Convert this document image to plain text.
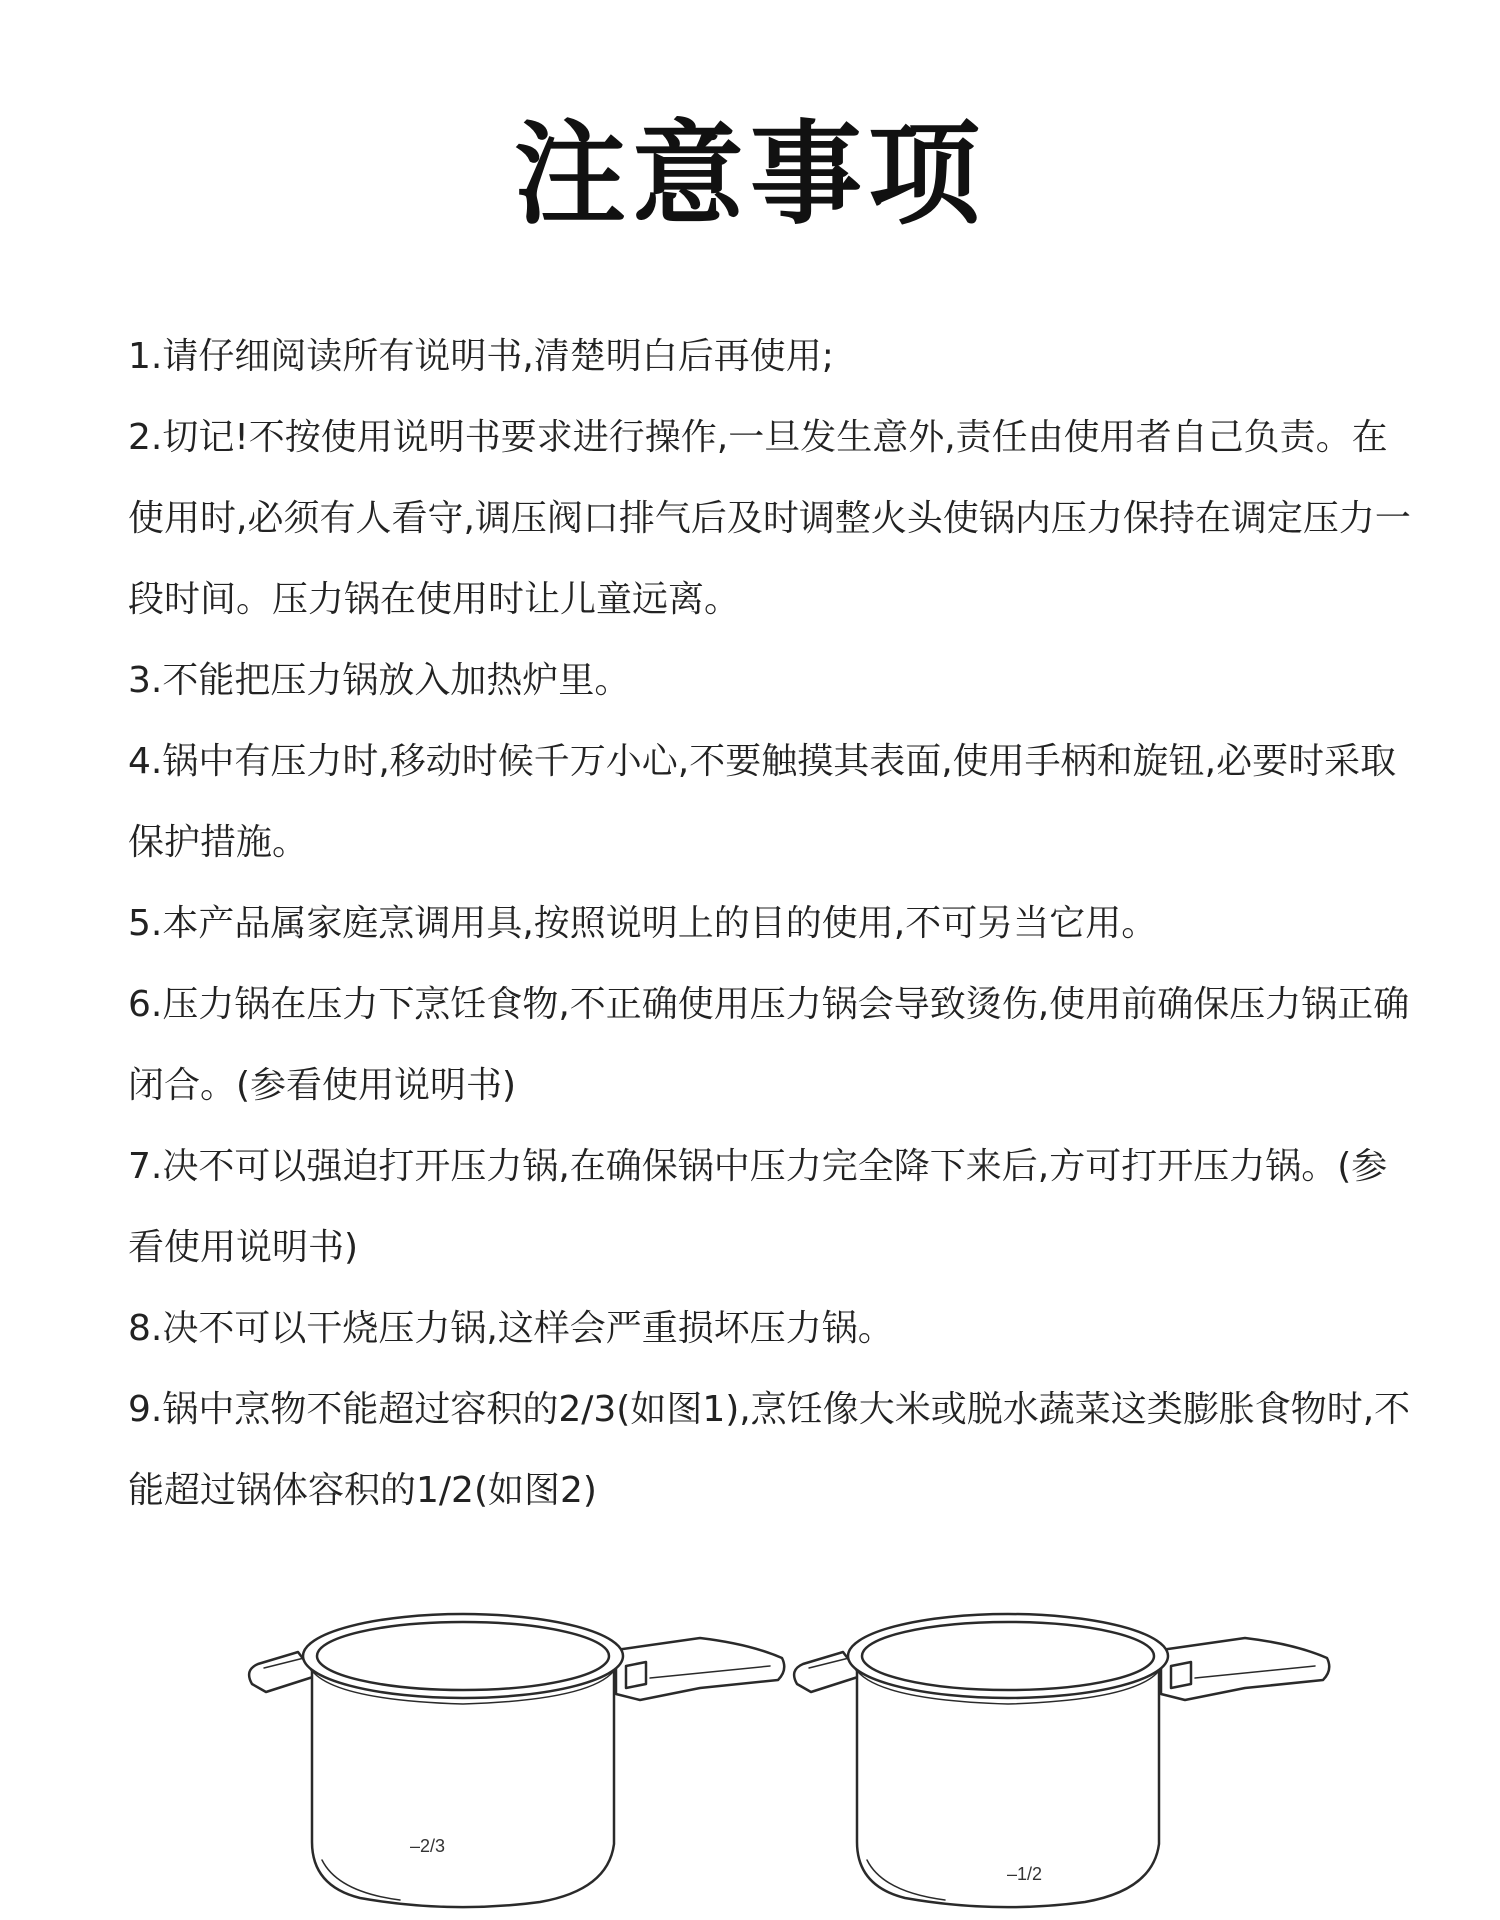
注意事项
1.请仔细阅读所有说明书,清楚明白后再使用;
2.切记!不按使用说明书要求进行操作,一旦发生意外,责任由使用者自己负责。在使用时,必须有人看守,调压阀口排气后及时调整火头使锅内压力保持在调定压力一段时间。压力锅在使用时让儿童远离。
3.不能把压力锅放入加热炉里。
4.锅中有压力时,移动时候千万小心,不要触摸其表面,使用手柄和旋钮,必要时采取保护措施。
5.本产品属家庭烹调用具,按照说明上的目的使用,不可另当它用。
6.压力锅在压力下烹饪食物,不正确使用压力锅会导致烫伤,使用前确保压力锅正确闭合。(参看使用说明书)
7.决不可以强迫打开压力锅,在确保锅中压力完全降下来后,方可打开压力锅。(参看使用说明书)
8.决不可以干烧压力锅,这样会严重损坏压力锅。
9.锅中烹物不能超过容积的2/3(如图1),烹饪像大米或脱水蔬菜这类膨胀食物时,不能超过锅体容积的1/2(如图2)
–2/3
–1/2
